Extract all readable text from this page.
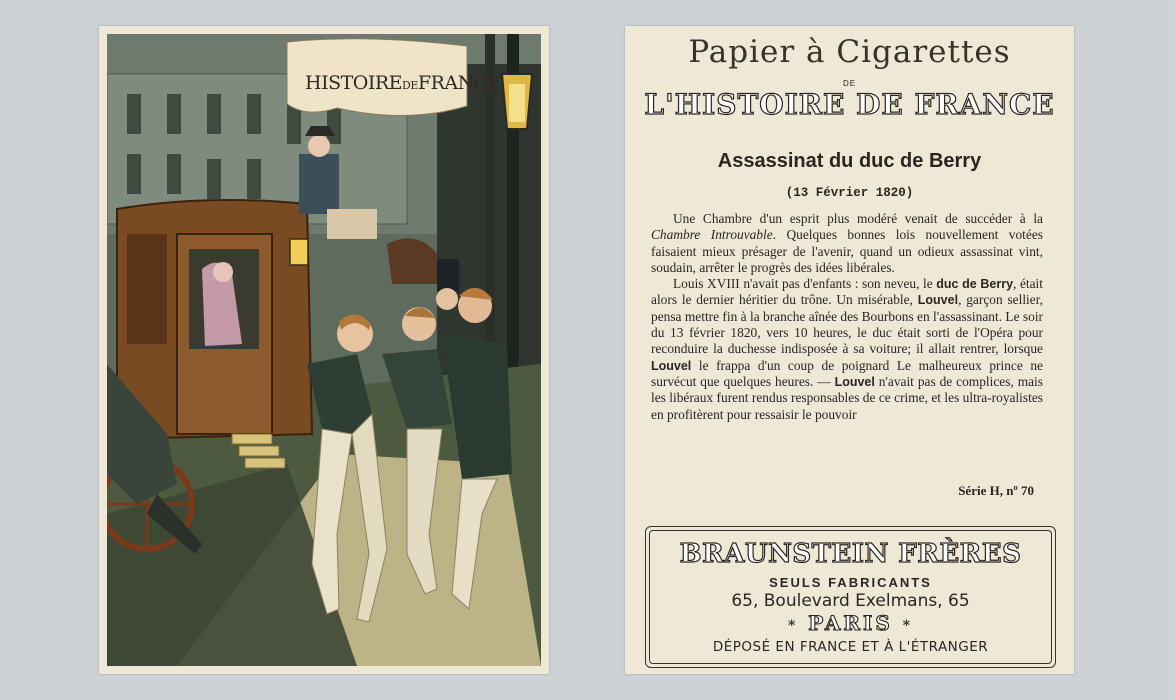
HISTOIREDEFRANCE
Papier à Cigarettes
DE
L'HISTOIRE DE FRANCE
Assassinat du duc de Berry
(13 Février 1820)

Une Chambre d'un esprit plus modéré venait de succéder à la Chambre Introuvable. Quelques bonnes lois nouvellement votées faisaient mieux présager de l'avenir, quand un odieux assassinat vint, soudain, arrêter le progrès des idées libérales.

Louis XVIII n'avait pas d'enfants : son neveu, le duc de Berry, était alors le dernier héritier du trône. Un misérable, Louvel, garçon sellier, pensa mettre fin à la branche aînée des Bourbons en l'assassinant. Le soir du 13 février 1820, vers 10 heures, le duc était sorti de l'Opéra pour reconduire la duchesse indisposée à sa voiture; il allait rentrer, lorsque Louvel le frappa d'un coup de poignard Le malheureux prince ne survécut que quelques heures. — Louvel n'avait pas de complices, mais les libéraux furent rendus responsables de ce crime, et les ultra-royalistes en profitèrent pour ressaisir le pouvoir

Série H, nº 70
BRAUNSTEIN FRÈRES
SEULS FABRICANTS
65, Boulevard Exelmans, 65
* PARIS *
DÉPOSÉ EN FRANCE ET À L'ÉTRANGER
